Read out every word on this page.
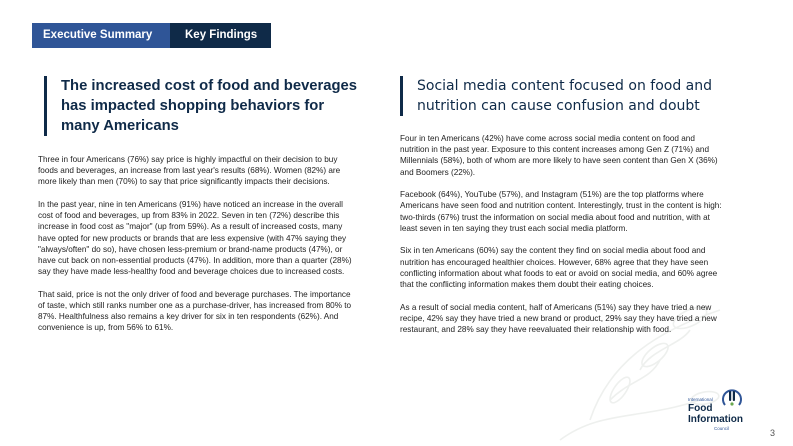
Executive Summary	Key Findings
The increased cost of food and beverages has impacted shopping behaviors for many Americans

Three in four Americans (76%) say price is highly impactful on their decision to buy foods and beverages, an increase from last year's results (68%). Women (82%) are more likely than men (70%) to say that price significantly impacts their decisions.

In the past year, nine in ten Americans (91%) have noticed an increase in the overall cost of food and beverages, up from 83% in 2022. Seven in ten (72%) describe this increase in food cost as "major" (up from 59%). As a result of increased costs, many have opted for new products or brands that are less expensive (with 47% saying they "always/often" do so), have chosen less-premium or brand-name products (47%), or have cut back on non-essential products (47%). In addition, more than a quarter (28%) say they have made less-healthy food and beverage choices due to increased costs.

That said, price is not the only driver of food and beverage purchases. The importance of taste, which still ranks number one as a purchase-driver, has increased from 80% to 87%. Healthfulness also remains a key driver for six in ten respondents (62%). And convenience is up, from 56% to 61%.

Social media content focused on food and nutrition can cause confusion and doubt

Four in ten Americans (42%) have come across social media content on food and nutrition in the past year. Exposure to this content increases among Gen Z (71%) and Millennials (58%), both of whom are more likely to have seen content than Gen X (36%) and Boomers (22%).

Facebook (64%), YouTube (57%), and Instagram (51%) are the top platforms where Americans have seen food and nutrition content. Interestingly, trust in the content is high: two-thirds (67%) trust the information on social media about food and nutrition, with at least seven in ten saying they trust each social media platform.

Six in ten Americans (60%) say the content they find on social media about food and nutrition has encouraged healthier choices. However, 68% agree that they have seen conflicting information about what foods to eat or avoid on social media, and 60% agree that the conflicting information makes them doubt their eating choices.

As a result of social media content, half of Americans (51%) say they have tried a new recipe, 42% say they have tried a new brand or product, 29% say they have tried a new restaurant, and 28% say they have reevaluated their relationship with food.

International
Food
Information
Council	3
